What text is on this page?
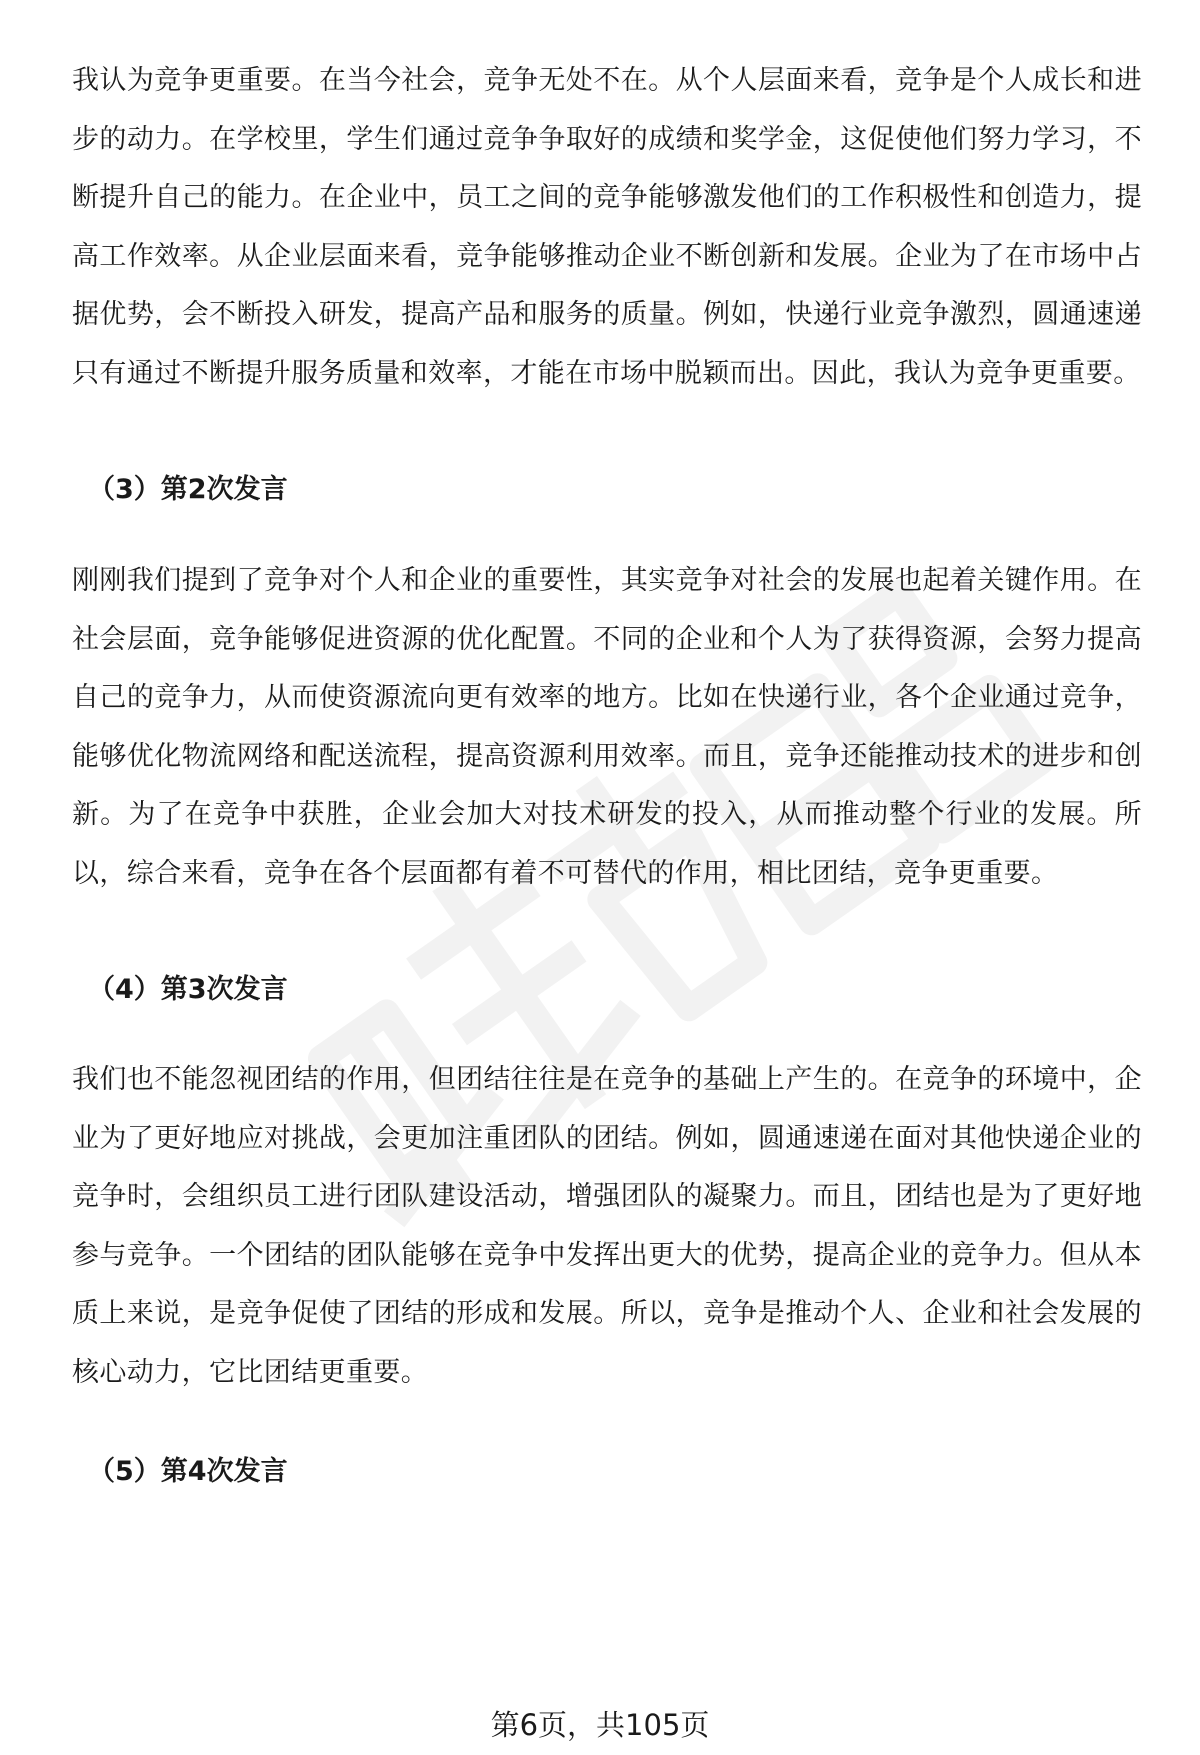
我认为竞争更重要。在当今社会，竞争无处不在。从个人层面来看，竞争是个人成长和进步的动力。在学校里，学生们通过竞争争取好的成绩和奖学金，这促使他们努力学习，不断提升自己的能力。在企业中，员工之间的竞争能够激发他们的工作积极性和创造力，提高工作效率。从企业层面来看，竞争能够推动企业不断创新和发展。企业为了在市场中占据优势，会不断投入研发，提高产品和服务的质量。例如，快递行业竞争激烈，圆通速递只有通过不断提升服务质量和效率，才能在市场中脱颖而出。因此，我认为竞争更重要。

（3）第2次发言

刚刚我们提到了竞争对个人和企业的重要性，其实竞争对社会的发展也起着关键作用。在社会层面，竞争能够促进资源的优化配置。不同的企业和个人为了获得资源，会努力提高自己的竞争力，从而使资源流向更有效率的地方。比如在快递行业，各个企业通过竞争，能够优化物流网络和配送流程，提高资源利用效率。而且，竞争还能推动技术的进步和创新。为了在竞争中获胜，企业会加大对技术研发的投入，从而推动整个行业的发展。所以，综合来看，竞争在各个层面都有着不可替代的作用，相比团结，竞争更重要。

（4）第3次发言

我们也不能忽视团结的作用，但团结往往是在竞争的基础上产生的。在竞争的环境中，企业为了更好地应对挑战，会更加注重团队的团结。例如，圆通速递在面对其他快递企业的竞争时，会组织员工进行团队建设活动，增强团队的凝聚力。而且，团结也是为了更好地参与竞争。一个团结的团队能够在竞争中发挥出更大的优势，提高企业的竞争力。但从本质上来说，是竞争促使了团结的形成和发展。所以，竞争是推动个人、企业和社会发展的核心动力，它比团结更重要。

（5）第4次发言
第6页，共105页
